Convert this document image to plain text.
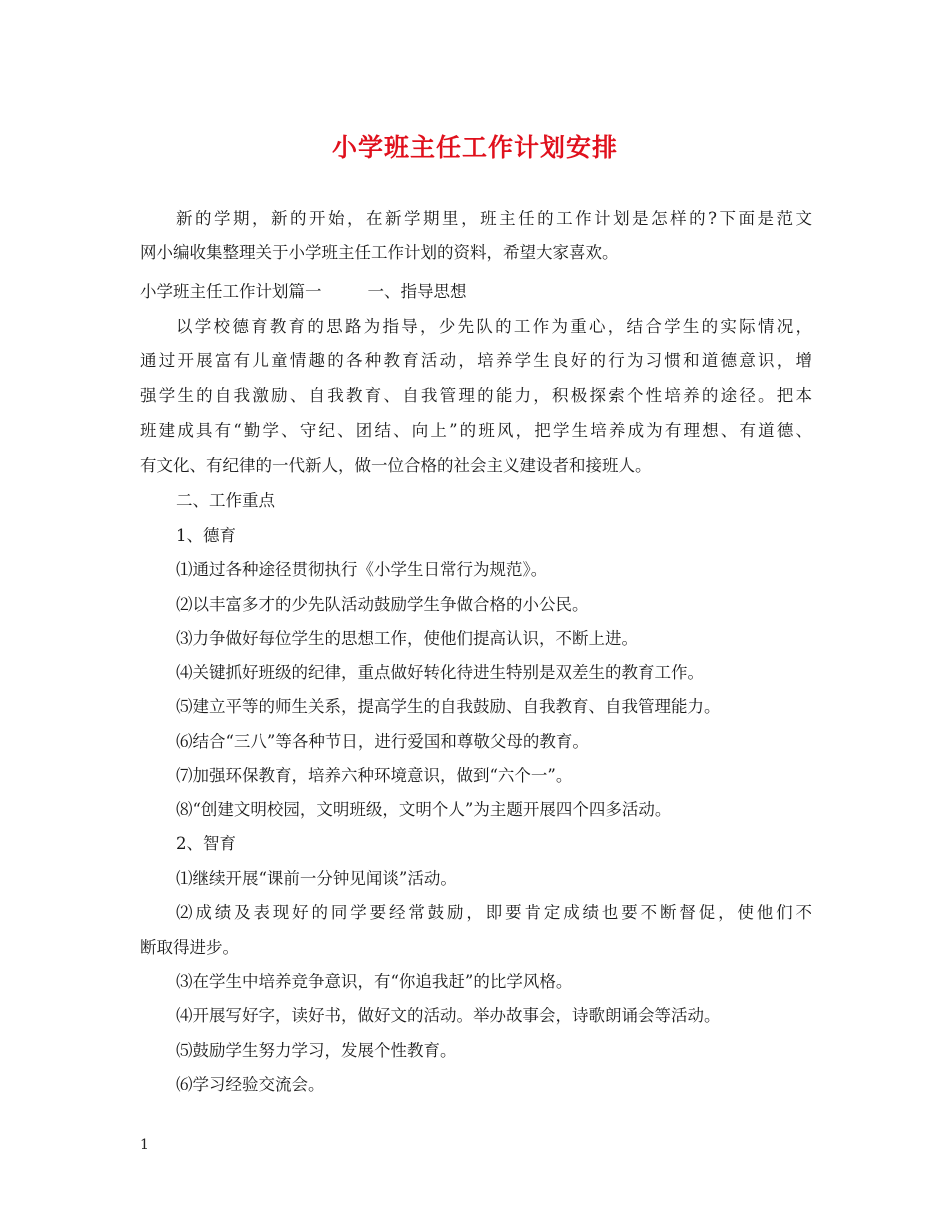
小学班主任工作计划安排
新的学期，新的开始，在新学期里，班主任的工作计划是怎样的?下面是范文
网小编收集整理关于小学班主任工作计划的资料，希望大家喜欢。
小学班主任工作计划篇一	一、指导思想
以学校德育教育的思路为指导，少先队的工作为重心，结合学生的实际情况，
通过开展富有儿童情趣的各种教育活动，培养学生良好的行为习惯和道德意识，增
强学生的自我激励、自我教育、自我管理的能力，积极探索个性培养的途径。把本
班建成具有“勤学、守纪、团结、向上”的班风，把学生培养成为有理想、有道德、
有文化、有纪律的一代新人，做一位合格的社会主义建设者和接班人。
二、工作重点
1、德育
⑴通过各种途径贯彻执行《小学生日常行为规范》。
⑵以丰富多才的少先队活动鼓励学生争做合格的小公民。
⑶力争做好每位学生的思想工作，使他们提高认识，不断上进。
⑷关键抓好班级的纪律，重点做好转化待进生特别是双差生的教育工作。
⑸建立平等的师生关系，提高学生的自我鼓励、自我教育、自我管理能力。
⑹结合“三八”等各种节日，进行爱国和尊敬父母的教育。
⑺加强环保教育，培养六种环境意识，做到“六个一”。
⑻“创建文明校园，文明班级，文明个人”为主题开展四个四多活动。
2、智育
⑴继续开展“课前一分钟见闻谈”活动。
⑵成绩及表现好的同学要经常鼓励，即要肯定成绩也要不断督促，使他们不
断取得进步。
⑶在学生中培养竞争意识，有“你追我赶”的比学风格。
⑷开展写好字，读好书，做好文的活动。举办故事会，诗歌朗诵会等活动。
⑸鼓励学生努力学习，发展个性教育。
⑹学习经验交流会。
1
